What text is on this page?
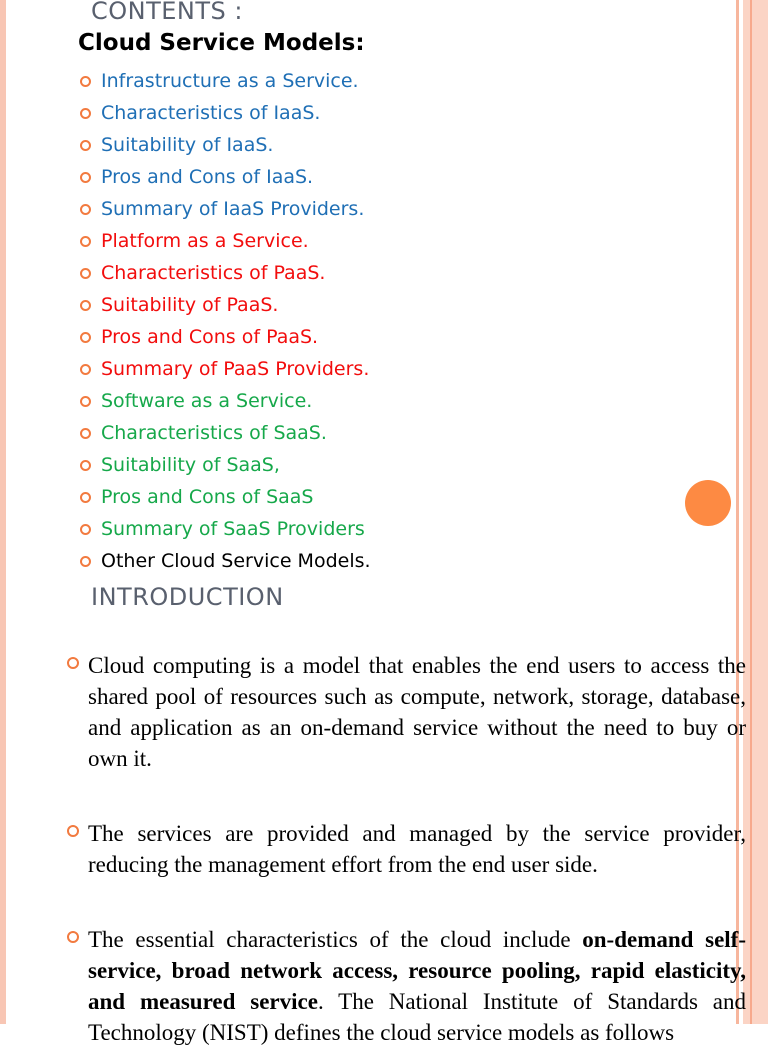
CONTENTS :
Cloud Service Models:
Infrastructure as a Service.
Characteristics of IaaS.
Suitability of IaaS.
Pros and Cons of IaaS.
Summary of IaaS Providers.
Platform as a Service.
Characteristics of PaaS.
Suitability of PaaS.
Pros and Cons of PaaS.
Summary of PaaS Providers.
Software as a Service.
Characteristics of SaaS.
Suitability of SaaS,
Pros and Cons of SaaS
Summary of SaaS Providers
Other Cloud Service Models.
INTRODUCTION
Cloud computing is a model that enables the end users to access the shared pool of resources such as compute, network, storage, database, and application as an on-demand service without the need to buy or own it.
The services are provided and managed by the service provider, reducing the management effort from the end user side.
The essential characteristics of the cloud include on-demand self-service, broad network access, resource pooling, rapid elasticity, and measured service. The National Institute of Standards and Technology (NIST) defines the cloud service models as follows
